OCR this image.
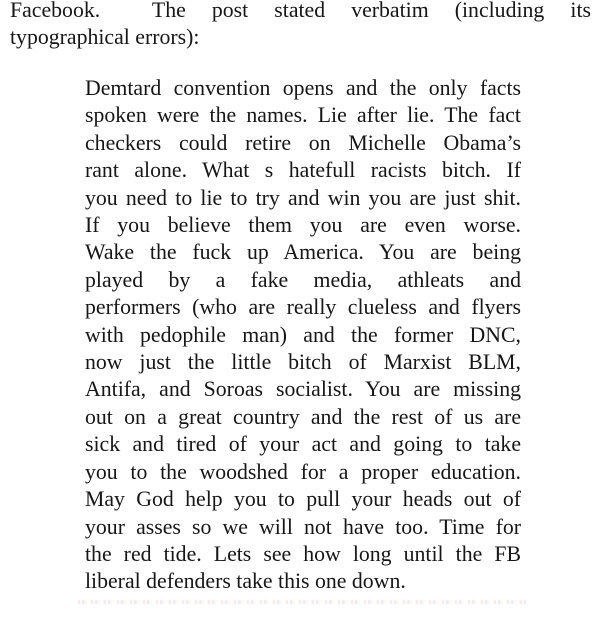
Facebook.  The post stated verbatim (including its
typographical errors):
Demtard convention opens and the only facts
spoken were the names. Lie after lie. The fact
checkers could retire on Michelle Obama’s
rant alone. What s hatefull racists bitch. If
you need to lie to try and win you are just shit.
If you believe them you are even worse.
Wake the fuck up America. You are being
played by a fake media, athleats and
performers (who are really clueless and flyers
with pedophile man) and the former DNC,
now just the little bitch of Marxist BLM,
Antifa, and Soroas socialist. You are missing
out on a great country and the rest of us are
sick and tired of your act and going to take
you to the woodshed for a proper education.
May God help you to pull your heads out of
your asses so we will not have too. Time for
the red tide. Lets see how long until the FB
liberal defenders take this one down.
